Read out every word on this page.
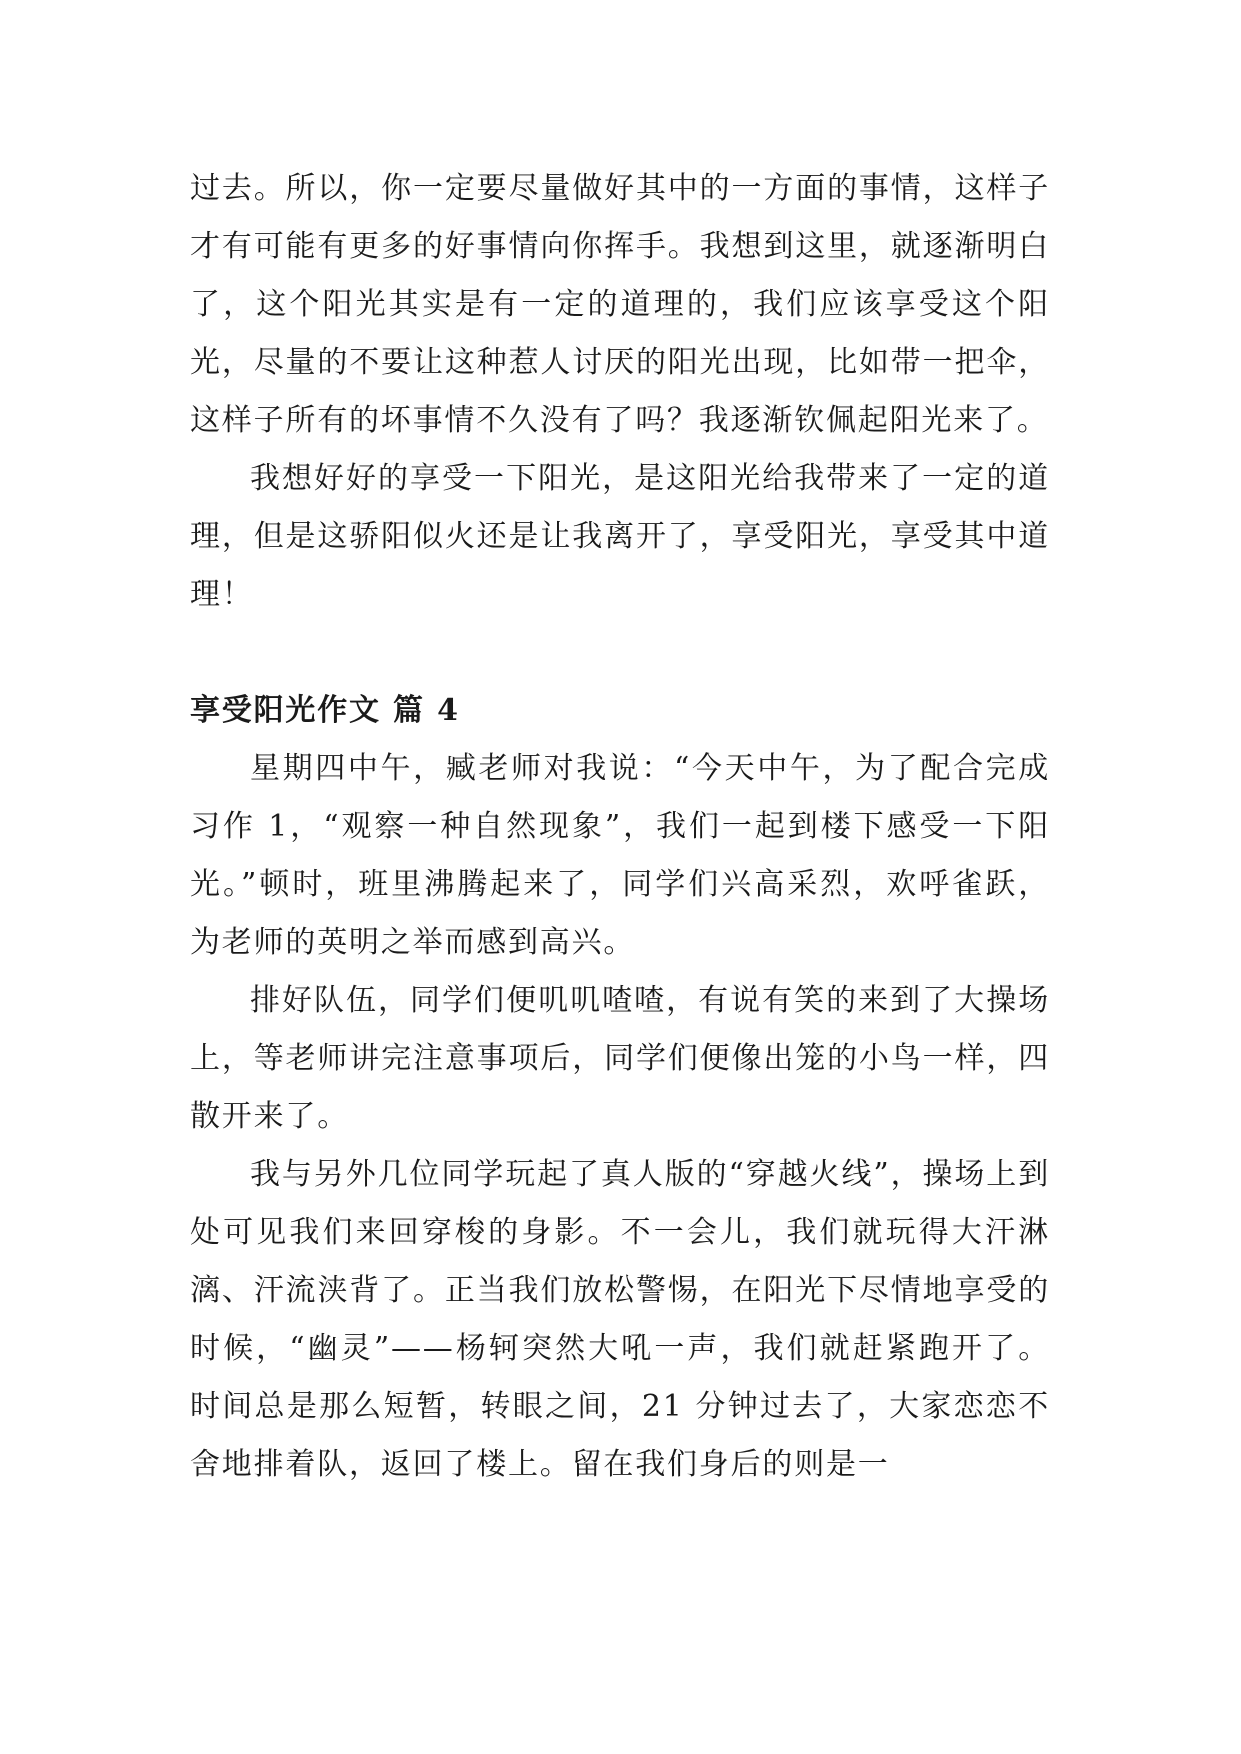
过去。所以，你一定要尽量做好其中的一方面的事情，这样子才有可能有更多的好事情向你挥手。我想到这里，就逐渐明白了，这个阳光其实是有一定的道理的，我们应该享受这个阳光，尽量的不要让这种惹人讨厌的阳光出现，比如带一把伞，这样子所有的坏事情不久没有了吗？我逐渐钦佩起阳光来了。

我想好好的享受一下阳光，是这阳光给我带来了一定的道理，但是这骄阳似火还是让我离开了，享受阳光，享受其中道理！

享受阳光作文 篇 4

星期四中午，臧老师对我说：“今天中午，为了配合完成习作 1，“观察一种自然现象”，我们一起到楼下感受一下阳光。”顿时，班里沸腾起来了，同学们兴高采烈，欢呼雀跃，为老师的英明之举而感到高兴。

排好队伍，同学们便叽叽喳喳，有说有笑的来到了大操场上，等老师讲完注意事项后，同学们便像出笼的小鸟一样，四散开来了。

我与另外几位同学玩起了真人版的“穿越火线”，操场上到处可见我们来回穿梭的身影。不一会儿，我们就玩得大汗淋漓、汗流浃背了。正当我们放松警惕，在阳光下尽情地享受的时候，“幽灵”——杨轲突然大吼一声，我们就赶紧跑开了。时间总是那么短暂，转眼之间，21 分钟过去了，大家恋恋不舍地排着队，返回了楼上。留在我们身后的则是一
